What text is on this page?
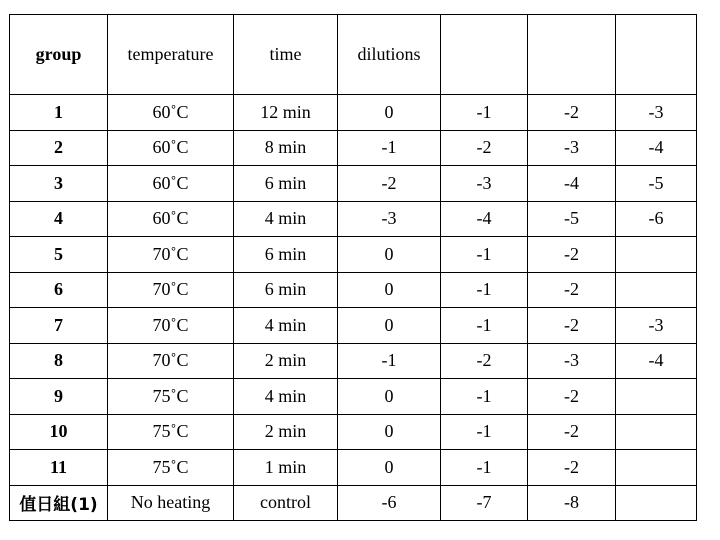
group	temperature	time	dilutions			
1	60˚C	12 min	0	-1	-2	-3
2	60˚C	8 min	-1	-2	-3	-4
3	60˚C	6 min	-2	-3	-4	-5
4	60˚C	4 min	-3	-4	-5	-6
5	70˚C	6 min	0	-1	-2	
6	70˚C	6 min	0	-1	-2	
7	70˚C	4 min	0	-1	-2	-3
8	70˚C	2 min	-1	-2	-3	-4
9	75˚C	4 min	0	-1	-2	
10	75˚C	2 min	0	-1	-2	
11	75˚C	1 min	0	-1	-2	
值日組(1)	No heating	control	-6	-7	-8	
